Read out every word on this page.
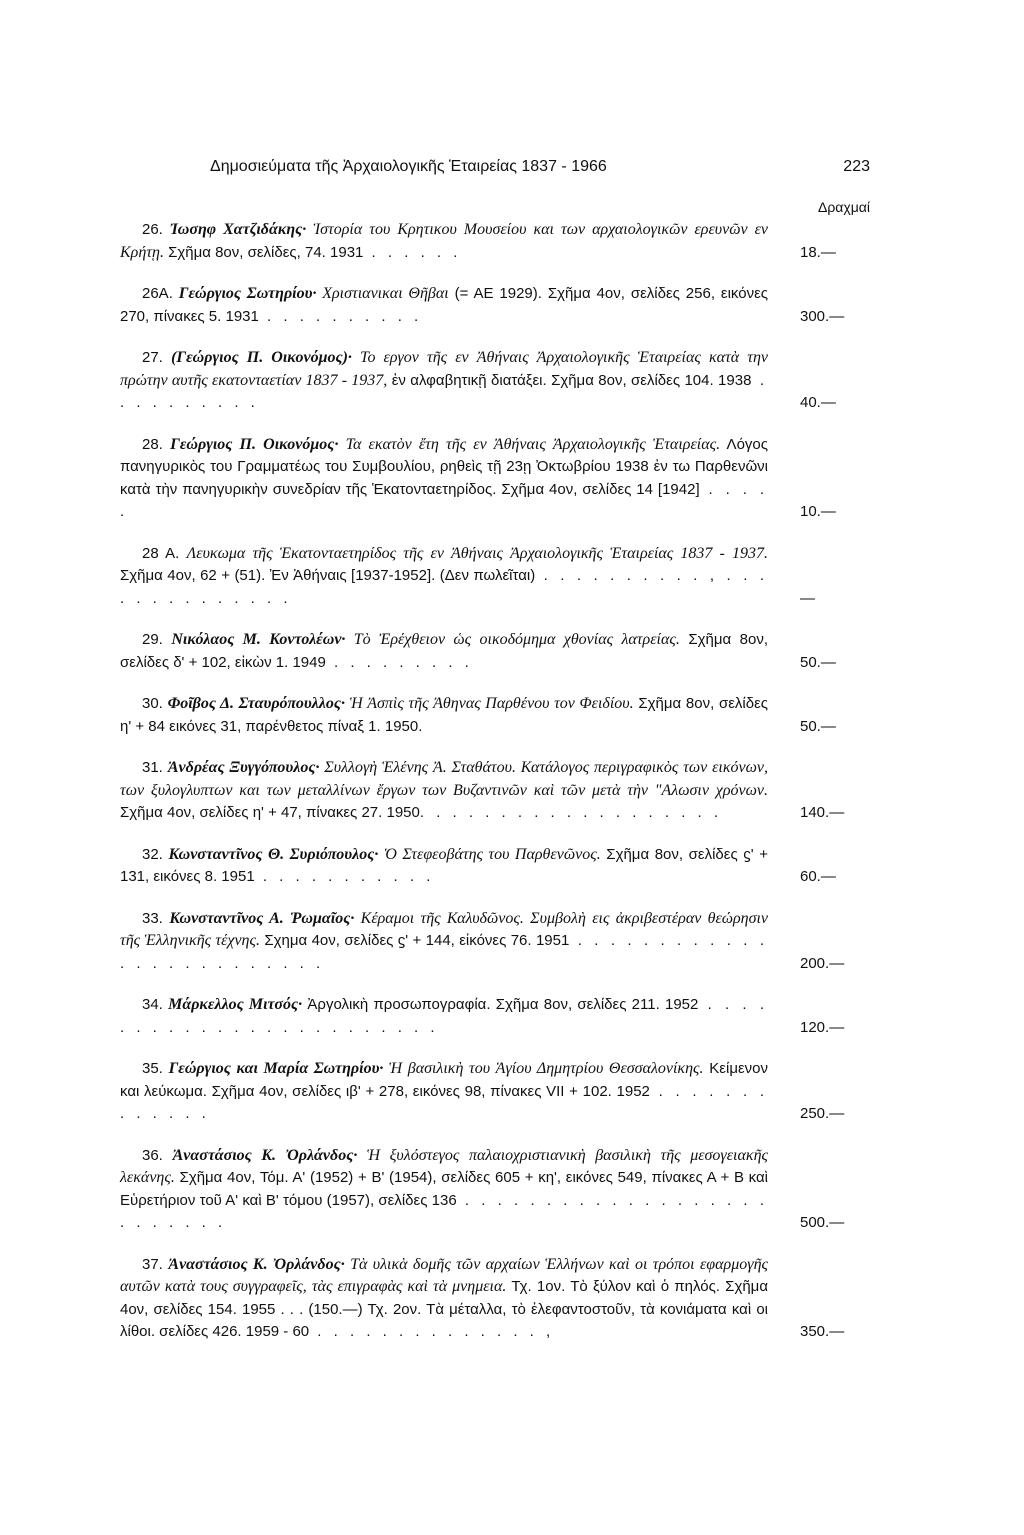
Δημοσιεύματα τῆς Ἀρχαιολογικῆς Ἑταιρείας 1837 - 1966	223
Δραχμαί
26. Ἰωσηφ Χατζιδάκης· Ἱστορία του Κρητικου Μουσείου και των αρχαιολογικῶν ερευνῶν εν Κρήτῃ. Σχῆμα 8ον, σελίδες, 74. 1931 . . . . . .	18.—
26Α. Γεώργιος Σωτηρίου· Χριστιανικαι Θῆβαι (= ΑΕ 1929). Σχῆμα 4ον, σελίδες 256, εικόνες 270, πίνακες 5. 1931 . . . . . . . . . .	300.—
27. (Γεώργιος Π. Οικονόμος)· Το εργον τῆς εν Ἀθήναις Ἀρχαιολογικῆς Ἑταιρείας κατὰ την πρώτην αυτῆς εκατονταετίαν 1837 - 1937, ἐν αλφαβητικῇ διατάξει. Σχῆμα 8ον, σελίδες 104. 1938 . . . . . . . . . .	40.—
28. Γεώργιος Π. Οικονόμος· Τα εκατὸν ἔτη τῆς εν Ἀθήναις Ἀρχαιολογικῆς Ἑταιρείας. Λόγος πανηγυρικὸς του Γραμματέως του Συμβουλίου, ρηθεὶς τῇ 23ῃ Ὀκτωβρίου 1938 ἐν τω Παρθενῶνι κατὰ τὴν πανηγυρικὴν συνεδρίαν τῆς Ἑκατονταετηρίδος. Σχῆμα 4ον, σελίδες 14 [1942] . . . . .	10.—
28 Α. Λευκωμα τῆς Ἑκατονταετηρίδος τῆς εν Ἀθήναις Ἀρχαιολογικῆς Ἑταιρείας 1837 - 1937. Σχῆμα 4ον, 62 + (51). Ἐν Ἀθήναις [1937-1952]. (Δεν πωλεῖται) . . . . . . . . . . , . . . . . . . . . . . . . .	—
29. Νικόλαος Μ. Κοντολέων· Τὸ Ἐρέχθειον ὡς οικοδόμημα χθονίας λατρείας. Σχῆμα 8ον, σελίδες δ' + 102, εἰκὼν 1. 1949 . . . . . . . . .	50.—
30. Φοῖβος Δ. Σταυρόπουλλος· Ἡ Ἀσπὶς τῆς Ἀθηνας Παρθένου τον Φειδίου. Σχῆμα 8ον, σελίδες η' + 84 εικόνες 31, παρένθετος πίναξ 1. 1950.	50.—
31. Ἀνδρέας Ξυγγόπουλος· Συλλογὴ Ἑλένης Ἀ. Σταθάτου. Κατάλογος περιγραφικὸς των εικόνων, των ξυλογλυπτων και των μεταλλίνων ἔργων των Βυζαντινῶν καὶ τῶν μετὰ τὴν "Αλωσιν χρόνων. Σχῆμα 4ον, σελίδες η' + 47, πίνακες 27. 1950. . . . . . . . . . . . . . . . . . .	140.—
32. Κωνσταντῖνος Θ. Συριόπουλος· Ὁ Στεφεοβάτης του Παρθενῶνος. Σχῆμα 8ον, σελίδες ϛ' + 131, εικόνες 8. 1951 . . . . . . . . . . .	60.—
33. Κωνσταντῖνος Α. Ῥωμαῖος· Κέραμοι τῆς Καλυδῶνος. Συμβολὴ εις ἀκριβεστέραν θεώρησιν τῆς Ἑλληνικῆς τέχνης. Σχημα 4ον, σελίδες ϛ' + 144, εἰκόνες 76. 1951 . . . . . . . . . . . . . . . . . . . . . . . . .	200.—
34. Μάρκελλος Μιτσός· Ἀργολικὴ προσωπογραφία. Σχῆμα 8ον, σελίδες 211. 1952 . . . . . . . . . . . . . . . . . . . . . . . .	120.—
35. Γεώργιος και Μαρία Σωτηρίου· Ἡ βασιλικὴ του Ἁγίου Δημητρίου Θεσσαλονίκης. Κείμενον και λεύκωμα. Σχῆμα 4ον, σελίδες ιβ' + 278, εικόνες 98, πίνακες VII + 102. 1952 . . . . . . . . . . . . .	250.—
36. Ἀναστάσιος Κ. Ὀρλάνδος· Ἡ ξυλόστεγος παλαιοχριστιανικὴ βασιλικὴ τῆς μεσογειακῆς λεκάνης. Σχῆμα 4ον, Τόμ. Α' (1952) + Β' (1954), σελίδες 605 + κη', εικόνες 549, πίνακες Α + Β καὶ Εὑρετήριον τοῦ Α' καὶ Β' τόμου (1957), σελίδες 136 . . . . . . . . . . . . . . . . . . . . . . . . . .	500.—
37. Ἀναστάσιος Κ. Ὀρλάνδος· Τὰ υλικὰ δομῆς τῶν αρχαίων Ἑλλήνων καὶ οι τρόποι εφαρμογῆς αυτῶν κατὰ τους συγγραφεῖς, τὰς επιγραφὰς καὶ τὰ μνημεια. Τχ. 1ον. Τὸ ξύλον καὶ ὁ πηλός. Σχῆμα 4ον, σελίδες 154. 1955 . . . (150.—) Τχ. 2ον. Τὰ μέταλλα, τὸ ἐλεφαντοστοῦν, τὰ κονιάματα καὶ οι λίθοι. σελίδες 426. 1959 - 60 . . . . . . . . . . . . . . ,	350.—
